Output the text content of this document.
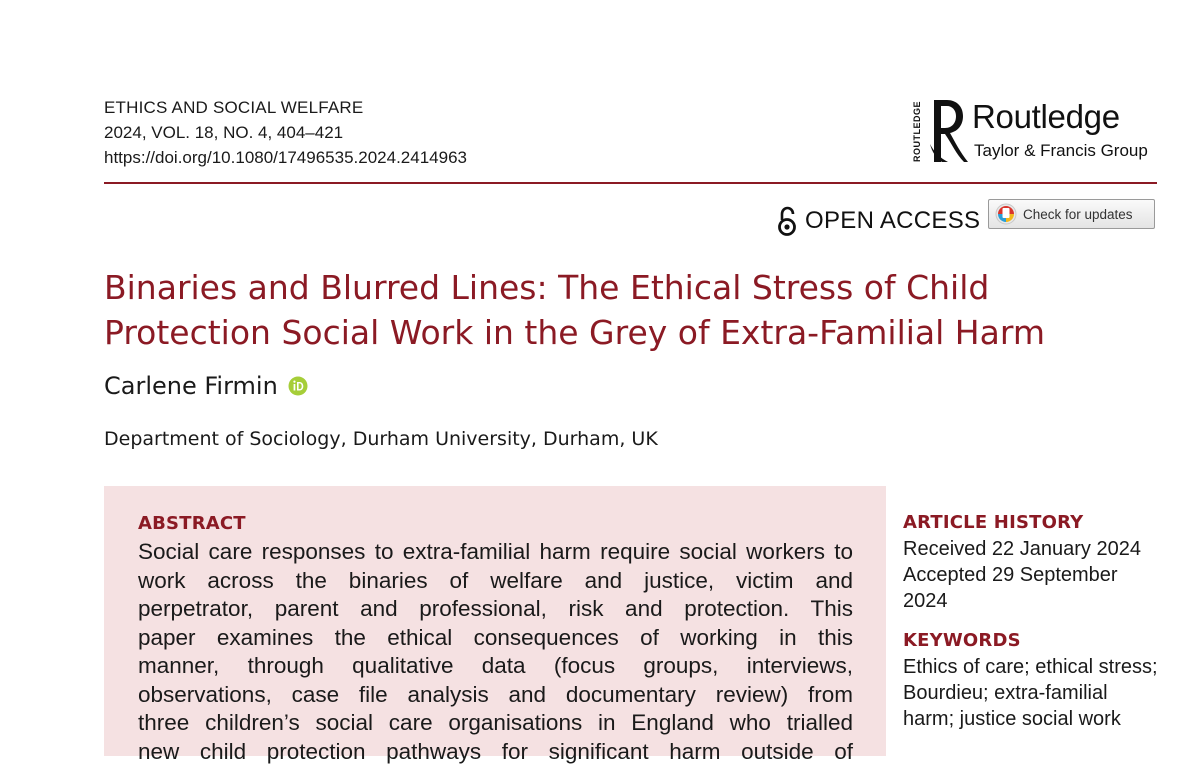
ETHICS AND SOCIAL WELFARE
2024, VOL. 18, NO. 4, 404–421
https://doi.org/10.1080/17496535.2024.2414963	ROUTLEDGE Routledge
Taylor & Francis Group
OPEN ACCESS	Check for updates
Binaries and Blurred Lines: The Ethical Stress of Child
Protection Social Work in the Grey of Extra-Familial Harm
Carlene Firmin
Department of Sociology, Durham University, Durham, UK
ABSTRACT
Social care responses to extra-familial harm require social workers to
work across the binaries of welfare and justice, victim and
perpetrator, parent and professional, risk and protection. This
paper examines the ethical consequences of working in this
manner, through qualitative data (focus groups, interviews,
observations, case file analysis and documentary review) from
three children’s social care organisations in England who trialled
new child protection pathways for significant harm outside of
ARTICLE HISTORY
Received 22 January 2024
Accepted 29 September
2024
KEYWORDS
Ethics of care; ethical stress;
Bourdieu; extra-familial
harm; justice social work
